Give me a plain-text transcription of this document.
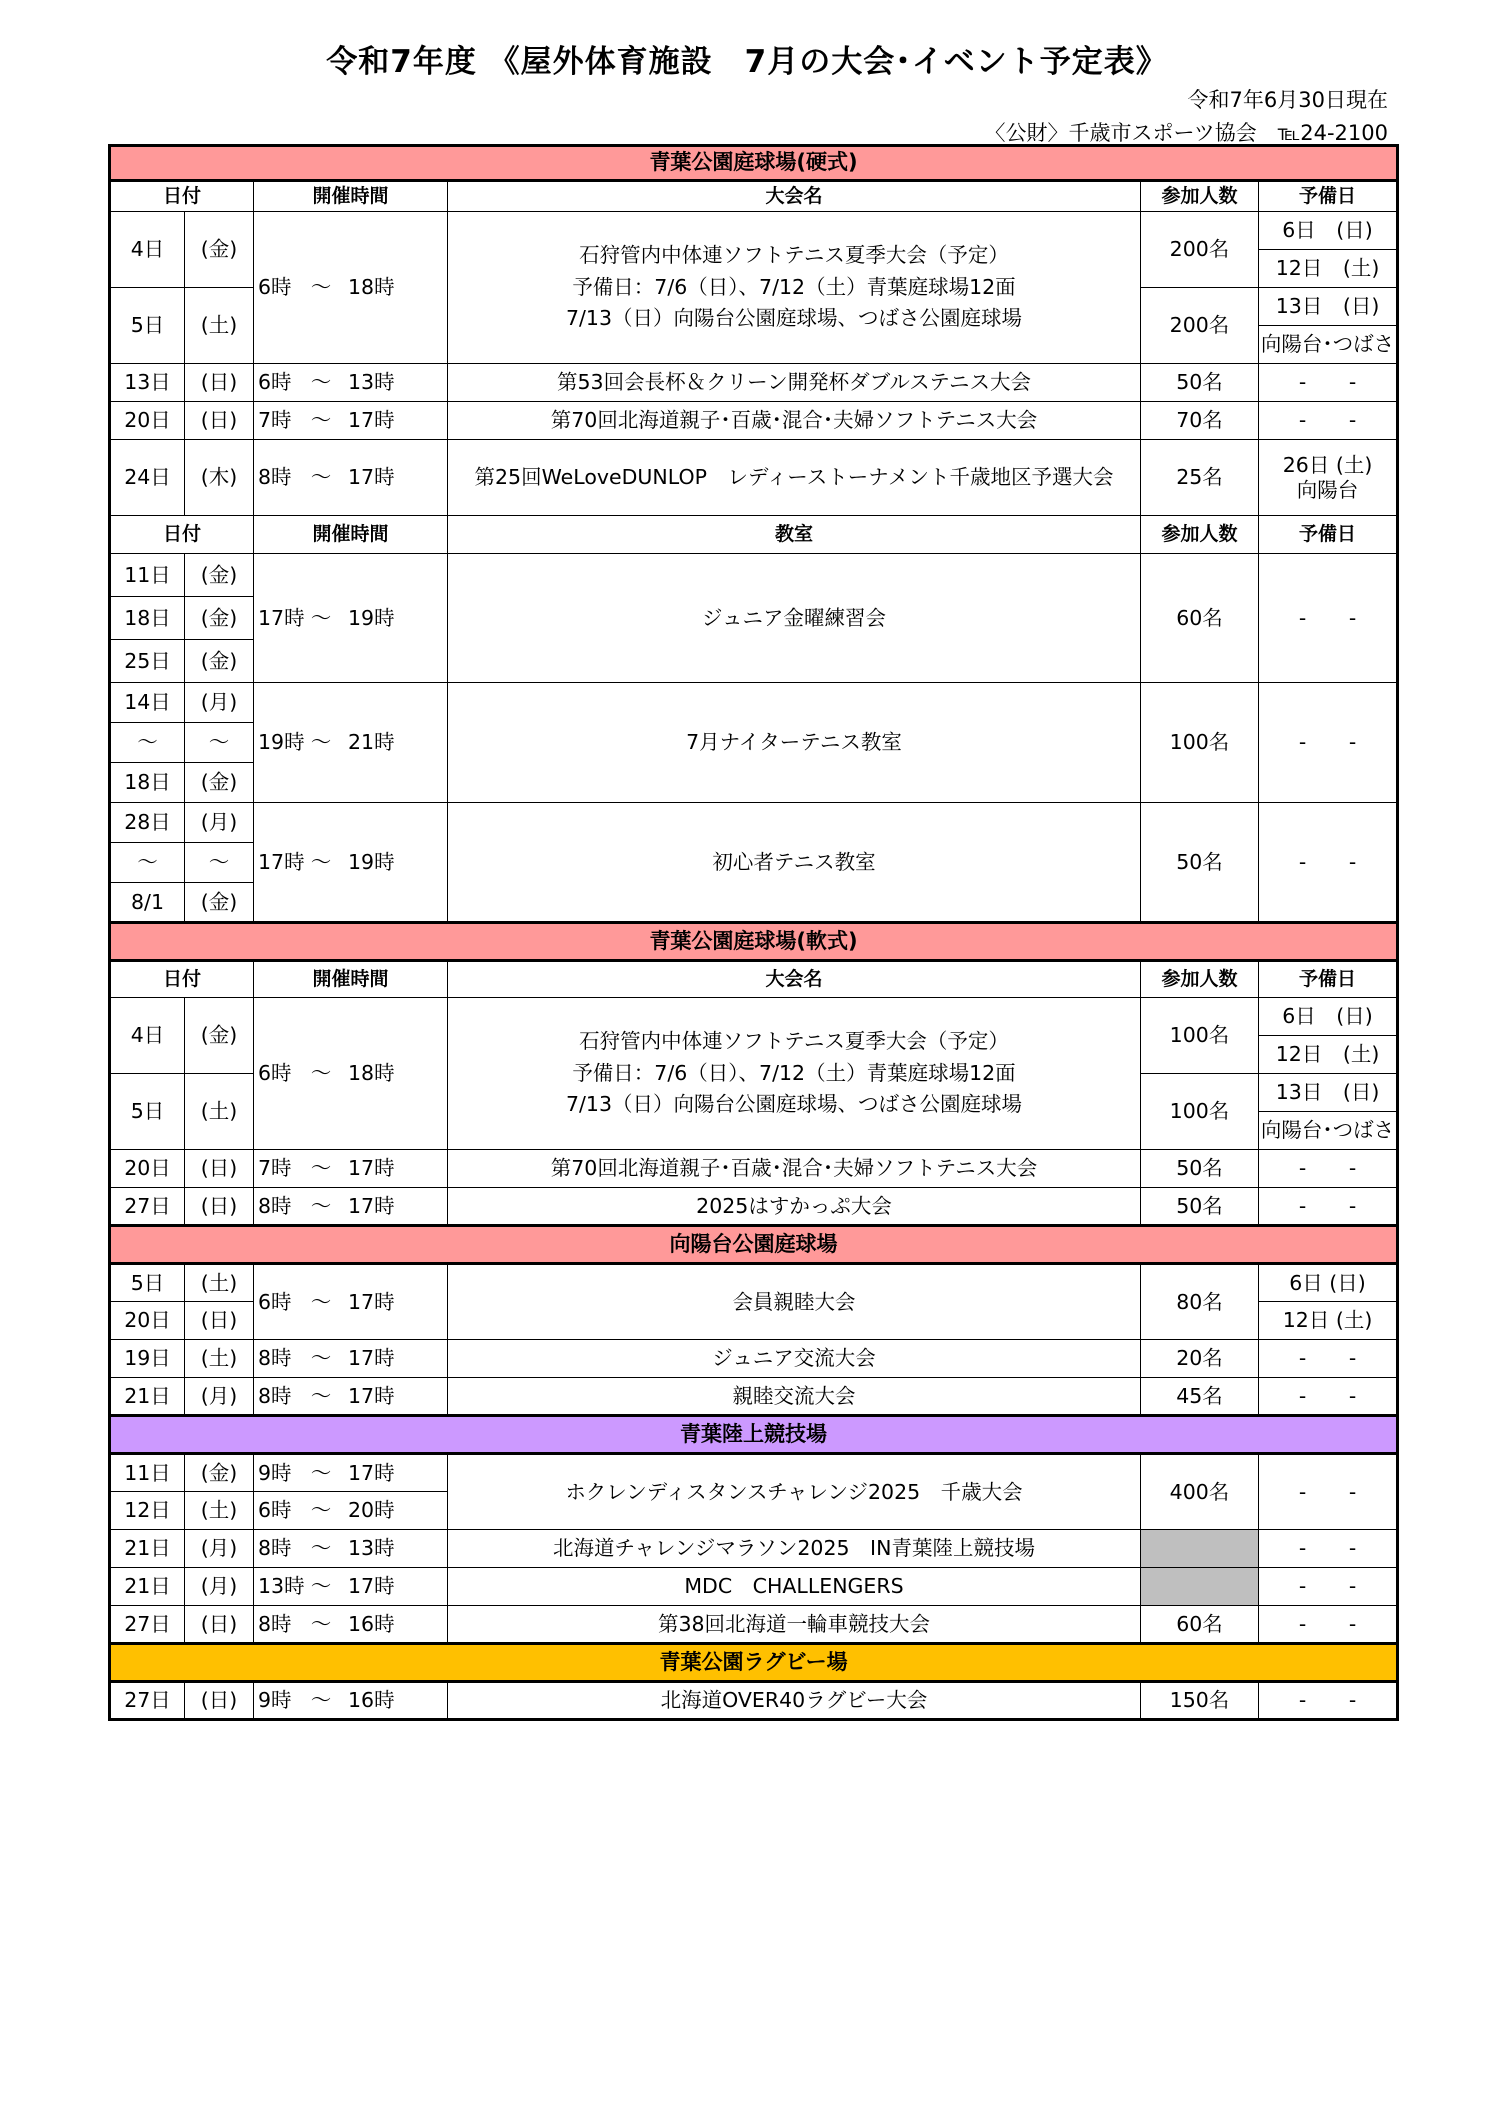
令和7年度 《屋外体育施設　7月の大会･イベント予定表》
令和7年6月30日現在
〈公財〉千歳市スポーツ協会　℡24-2100
青葉公園庭球場(硬式)					
日付		開催時間	大会名	参加人数	予備日
4日	(金)	6時 ～ 18時	石狩管内中体連ソフトテニス夏季大会（予定）
予備日：7/6（日）、7/12（土）青葉庭球場12面
7/13（日）向陽台公園庭球場、つばさ公園庭球場	200名	6日　(日)
					12日　(土)
5日	(土)			200名	13日　(日)
					向陽台･つばさ
13日	(日)	6時 ～ 13時	第53回会長杯＆クリーン開発杯ダブルステニス大会	50名	- -
20日	(日)	7時 ～ 17時	第70回北海道親子･百歳･混合･夫婦ソフトテニス大会	70名	- -
24日	(木)	8時 ～ 17時	第25回WeLoveDUNLOP　レディーストーナメント千歳地区予選大会	25名	26日 (土)
向陽台

日付		開催時間	教室	参加人数	予備日
11日	(金)	17時 ～ 19時	ジュニア金曜練習会	60名	- -
18日	(金)				
25日	(金)				
14日	(月)	19時 ～ 21時	7月ナイターテニス教室	100名	- -
～	～				
18日	(金)				
28日	(月)	17時 ～ 19時	初心者テニス教室	50名	- -
～	～				
8/1	(金)				
青葉公園庭球場(軟式)					
日付		開催時間	大会名	参加人数	予備日
4日	(金)	6時 ～ 18時	石狩管内中体連ソフトテニス夏季大会（予定）
予備日：7/6（日）、7/12（土）青葉庭球場12面
7/13（日）向陽台公園庭球場、つばさ公園庭球場	100名	6日　(日)
					12日　(土)
5日	(土)			100名	13日　(日)
					向陽台･つばさ
20日	(日)	7時 ～ 17時	第70回北海道親子･百歳･混合･夫婦ソフトテニス大会	50名	- -
27日	(日)	8時 ～ 17時	2025はすかっぷ大会	50名	- -
向陽台公園庭球場					
5日	(土)	6時 ～ 17時	会員親睦大会	80名	6日 (日)
20日	(日)				12日 (土)
19日	(土)	8時 ～ 17時	ジュニア交流大会	20名	- -
21日	(月)	8時 ～ 17時	親睦交流大会	45名	- -
青葉陸上競技場					
11日	(金)	9時 ～ 17時	ホクレンディスタンスチャレンジ2025　千歳大会	400名	- -
12日	(土)	6時 ～ 20時			
21日	(月)	8時 ～ 13時	北海道チャレンジマラソン2025　IN青葉陸上競技場		- -
21日	(月)	13時 ～ 17時	MDC　CHALLENGERS		- -
27日	(日)	8時 ～ 16時	第38回北海道一輪車競技大会	60名	- -
青葉公園ラグビー場					
27日	(日)	9時 ～ 16時	北海道OVER40ラグビー大会	150名	- -
